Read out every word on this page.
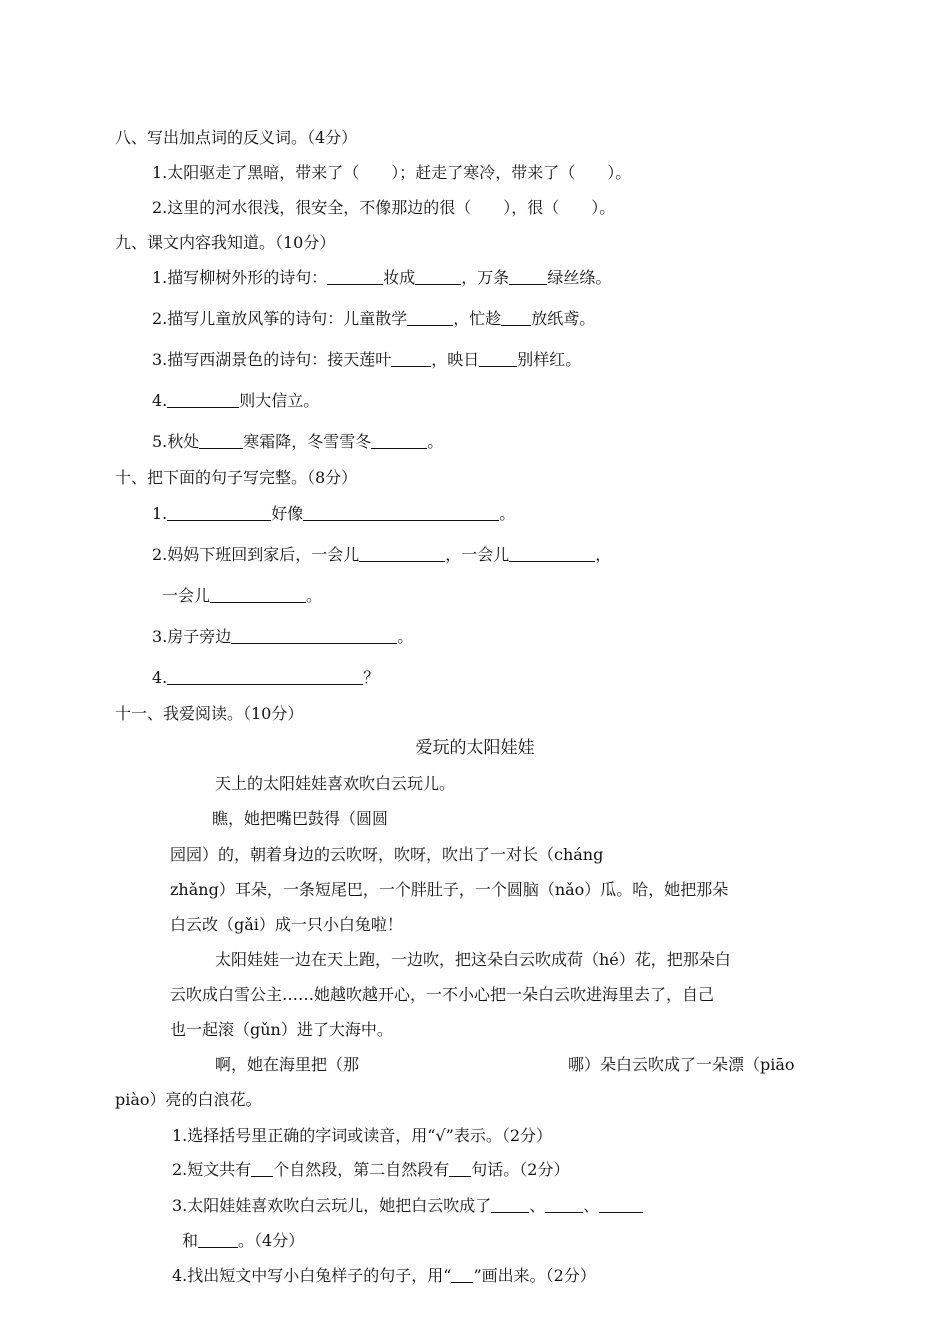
八、写出加点词的反义词。（4分）
1.太阳驱走了黑暗，带来了（　　）；赶走了寒冷，带来了（　　）。
2.这里的河水很浅，很安全，不像那边的很（　　），很（　　）。
九、课文内容我知道。（10分）
1.描写柳树外形的诗句：	妆成	，万条 绿丝绦。
2.描写儿童放风筝的诗句：儿童散学	，忙趁 放纸鸢。
3.描写西湖景色的诗句：接天莲叶	，映日 别样红。
4.	则大信立。
5.秋处	寒霜降，冬雪雪冬	。
十、把下面的句子写完整。（8分）
1.	好像	。
2.妈妈下班回到家后，一会儿	，一会儿	，
一会儿	。
3.房子旁边	。
4.	？
十一、我爱阅读。（10分）
爱玩的太阳娃娃
天上的太阳娃娃喜欢吹白云玩儿。
瞧，她把嘴巴鼓得（圆圆
园园）的，朝着身边的云吹呀，吹呀，吹出了一对长（cháng
zhǎng）耳朵，一条短尾巴，一个胖肚子，一个圆脑（nǎo）瓜。哈，她把那朵
白云改（gǎi）成一只小白兔啦！
太阳娃娃一边在天上跑，一边吹，把这朵白云吹成荷（hé）花，把那朵白
云吹成白雪公主……她越吹越开心，一不小心把一朵白云吹进海里去了，自己
也一起滚（gǔn）进了大海中。
啊，她在海里把（那	哪）朵白云吹成了一朵漂（piāo
piào）亮的白浪花。
1.选择括号里正确的字词或读音，用“√”表示。（2分）
2.短文共有 个自然段，第二自然段有 句话。（2分）
3.太阳娃娃喜欢吹白云玩儿，她把白云吹成了 、 、
和	。（4分）
4.找出短文中写小白兔样子的句子，用“ ”画出来。（2分）
